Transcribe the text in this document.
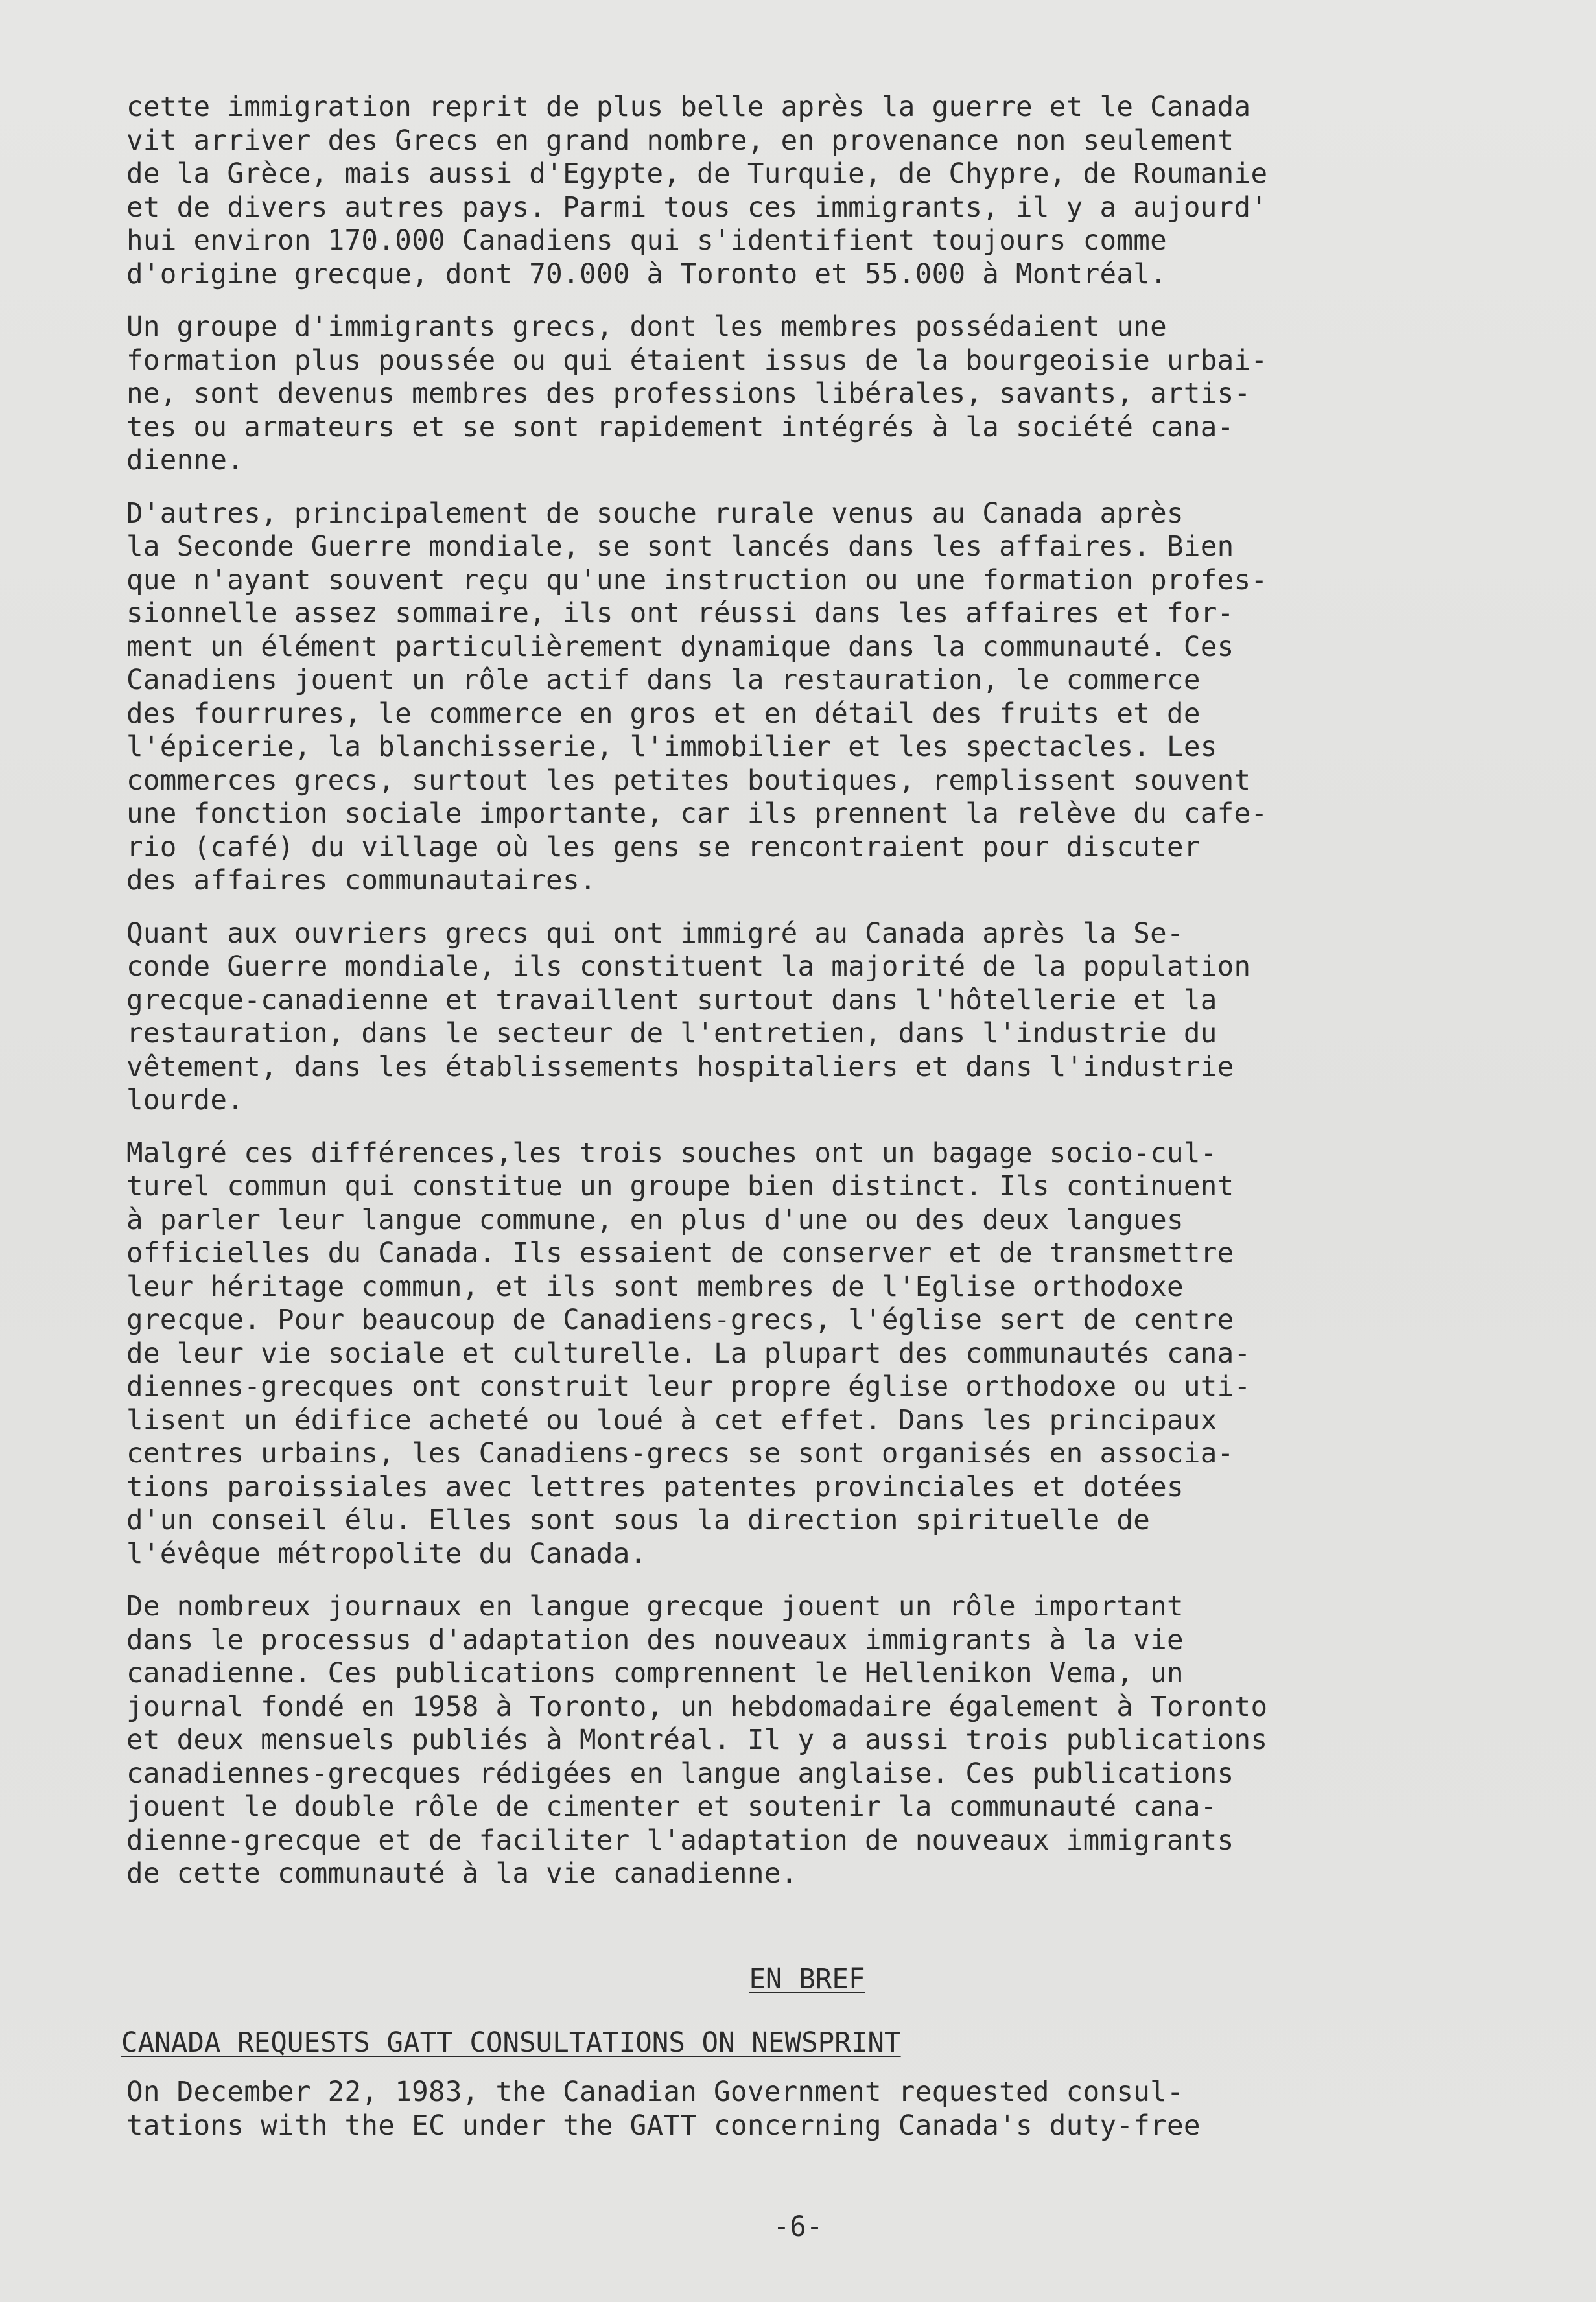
cette immigration reprit de plus belle après la guerre et le Canada
vit arriver des Grecs en grand nombre, en provenance non seulement
de la Grèce, mais aussi d'Egypte, de Turquie, de Chypre, de Roumanie
et de divers autres pays. Parmi tous ces immigrants, il y a aujourd'
hui environ 170.000 Canadiens qui s'identifient toujours comme
d'origine grecque, dont 70.000 à Toronto et 55.000 à Montréal.

Un groupe d'immigrants grecs, dont les membres possédaient une
formation plus poussée ou qui étaient issus de la bourgeoisie urbai-
ne, sont devenus membres des professions libérales, savants, artis-
tes ou armateurs et se sont rapidement intégrés à la société cana-
dienne.

D'autres, principalement de souche rurale venus au Canada après
la Seconde Guerre mondiale, se sont lancés dans les affaires. Bien
que n'ayant souvent reçu qu'une instruction ou une formation profes-
sionnelle assez sommaire, ils ont réussi dans les affaires et for-
ment un élément particulièrement dynamique dans la communauté. Ces
Canadiens jouent un rôle actif dans la restauration, le commerce
des fourrures, le commerce en gros et en détail des fruits et de
l'épicerie, la blanchisserie, l'immobilier et les spectacles. Les
commerces grecs, surtout les petites boutiques, remplissent souvent
une fonction sociale importante, car ils prennent la relève du cafe-
rio (café) du village où les gens se rencontraient pour discuter
des affaires communautaires.

Quant aux ouvriers grecs qui ont immigré au Canada après la Se-
conde Guerre mondiale, ils constituent la majorité de la population
grecque-canadienne et travaillent surtout dans l'hôtellerie et la
restauration, dans le secteur de l'entretien, dans l'industrie du
vêtement, dans les établissements hospitaliers et dans l'industrie
lourde.

Malgré ces différences,les trois souches ont un bagage socio-cul-
turel commun qui constitue un groupe bien distinct. Ils continuent
à parler leur langue commune, en plus d'une ou des deux langues
officielles du Canada. Ils essaient de conserver et de transmettre
leur héritage commun, et ils sont membres de l'Eglise orthodoxe
grecque. Pour beaucoup de Canadiens-grecs, l'église sert de centre
de leur vie sociale et culturelle. La plupart des communautés cana-
diennes-grecques ont construit leur propre église orthodoxe ou uti-
lisent un édifice acheté ou loué à cet effet. Dans les principaux
centres urbains, les Canadiens-grecs se sont organisés en associa-
tions paroissiales avec lettres patentes provinciales et dotées
d'un conseil élu. Elles sont sous la direction spirituelle de
l'évêque métropolite du Canada.

De nombreux journaux en langue grecque jouent un rôle important
dans le processus d'adaptation des nouveaux immigrants à la vie
canadienne. Ces publications comprennent le Hellenikon Vema, un
journal fondé en 1958 à Toronto, un hebdomadaire également à Toronto
et deux mensuels publiés à Montréal. Il y a aussi trois publications
canadiennes-grecques rédigées en langue anglaise. Ces publications
jouent le double rôle de cimenter et soutenir la communauté cana-
dienne-grecque et de faciliter l'adaptation de nouveaux immigrants
de cette communauté à la vie canadienne.

EN BREF
CANADA REQUESTS GATT CONSULTATIONS ON NEWSPRINT

On December 22, 1983, the Canadian Government requested consul-
tations with the EC under the GATT concerning Canada's duty-free

-6-
